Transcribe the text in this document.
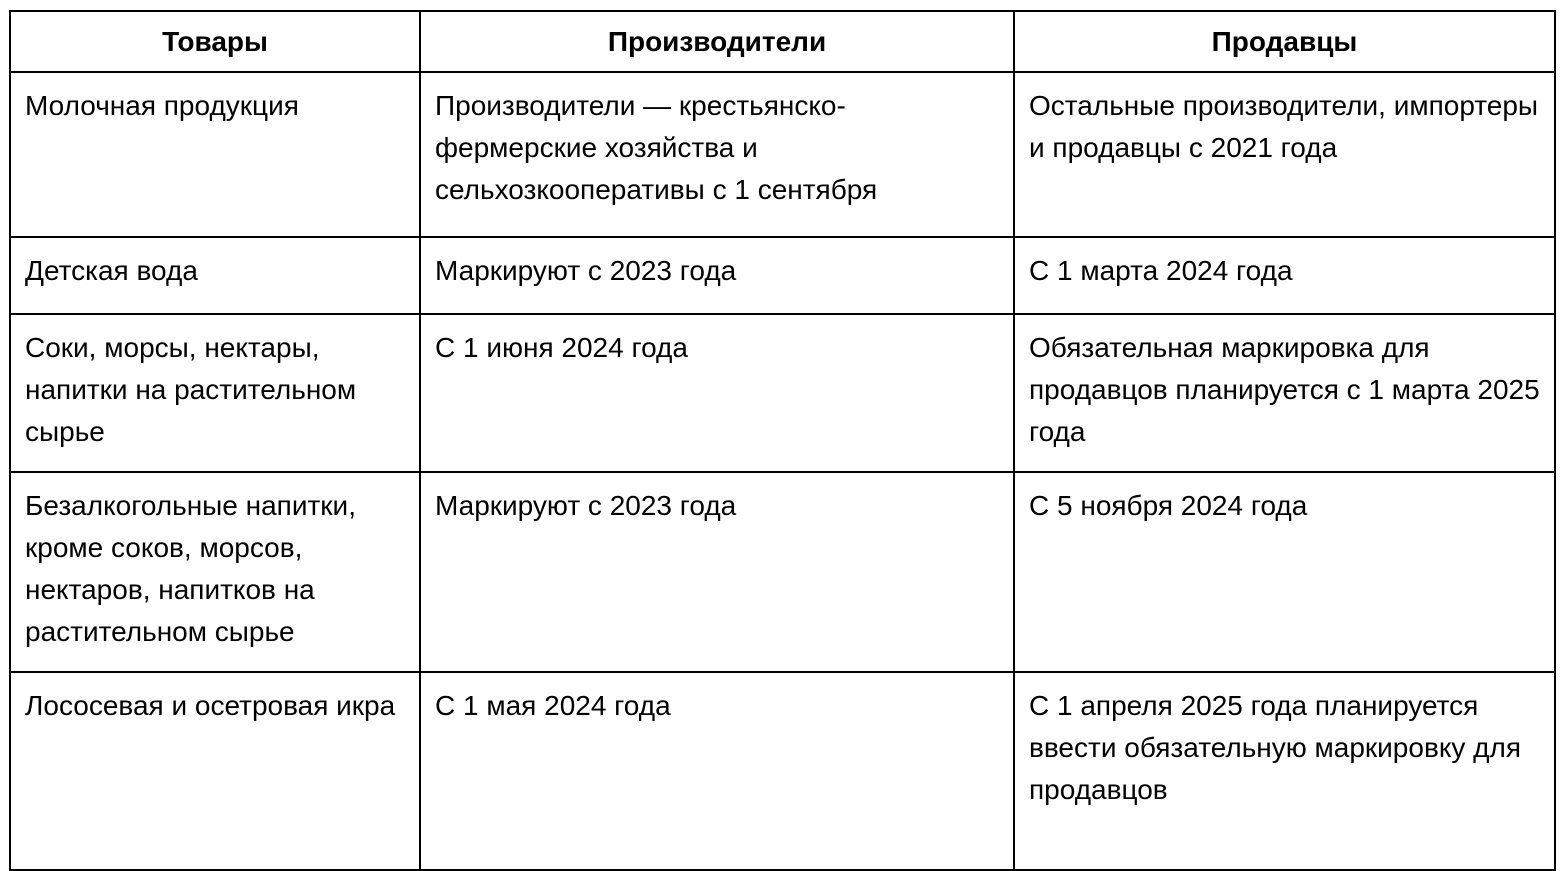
Товары	Производители	Продавцы
Молочная продукция	Производители — крестьянско-фермерские хозяйства и сельхозкооперативы с 1 сентября	Остальные производители, импортеры и продавцы с 2021 года
Детская вода	Маркируют с 2023 года	С 1 марта 2024 года
Соки, морсы, нектары, напитки на растительном сырье	С 1 июня 2024 года	Обязательная маркировка для продавцов планируется с 1 марта 2025 года
Безалкогольные напитки, кроме соков, морсов, нектаров, напитков на растительном сырье	Маркируют с 2023 года	С 5 ноября 2024 года
Лососевая и осетровая икра	С 1 мая 2024 года	С 1 апреля 2025 года планируется ввести обязательную маркировку для продавцов
